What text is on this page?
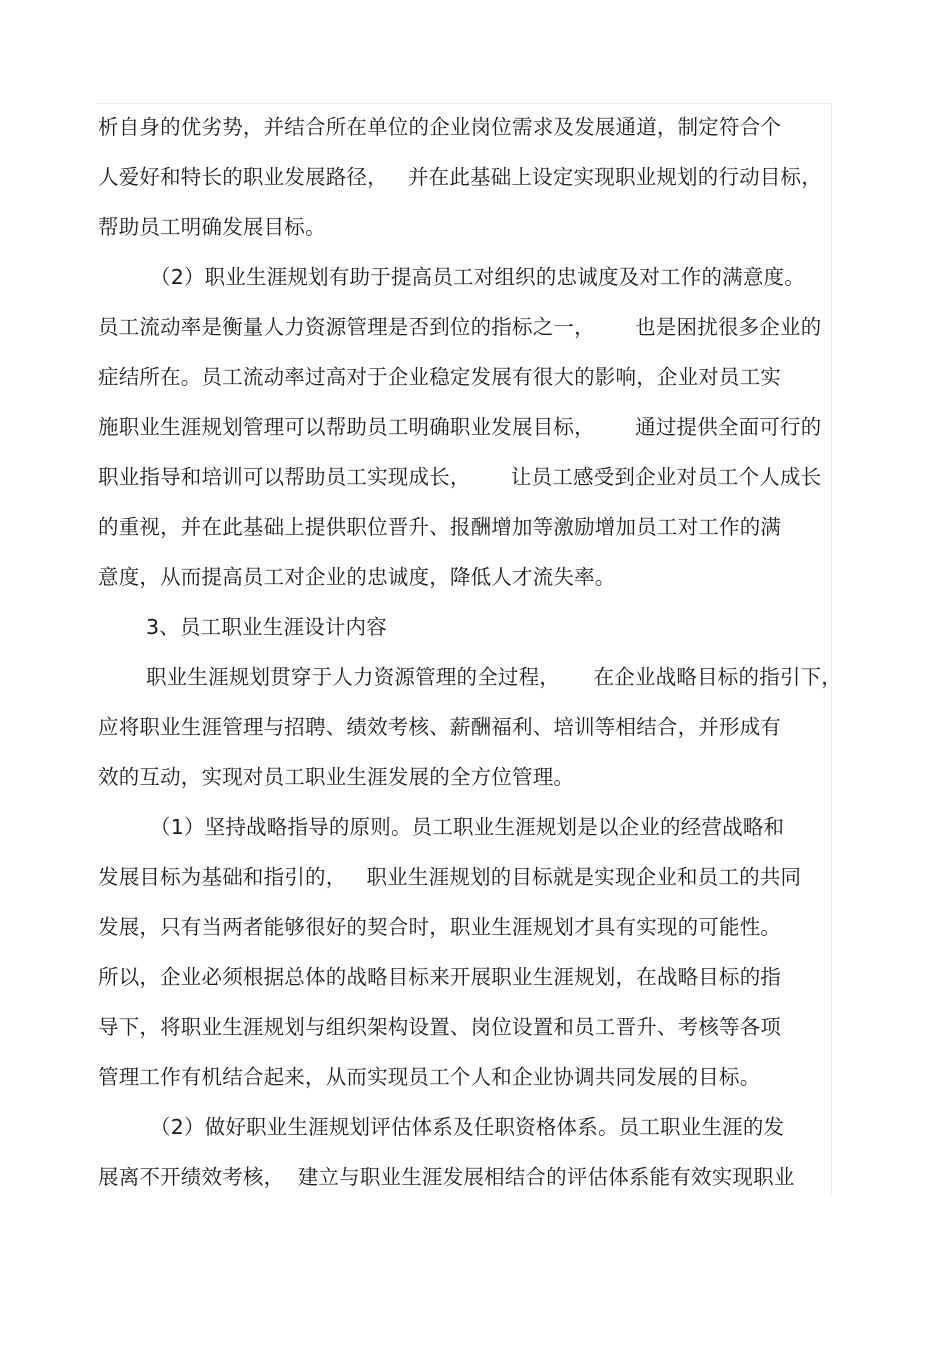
析自身的优劣势，并结合所在单位的企业岗位需求及发展通道，制定符合个
人爱好和特长的职业发展路径，   并在此基础上设定实现职业规划的行动目标，
帮助员工明确发展目标。
（2）职业生涯规划有助于提高员工对组织的忠诚度及对工作的满意度。
员工流动率是衡量人力资源管理是否到位的指标之一，      也是困扰很多企业的
症结所在。员工流动率过高对于企业稳定发展有很大的影响，企业对员工实
施职业生涯规划管理可以帮助员工明确职业发展目标，      通过提供全面可行的
职业指导和培训可以帮助员工实现成长，      让员工感受到企业对员工个人成长
的重视，并在此基础上提供职位晋升、报酬增加等激励增加员工对工作的满
意度，从而提高员工对企业的忠诚度，降低人才流失率。
3、员工职业生涯设计内容
职业生涯规划贯穿于人力资源管理的全过程，     在企业战略目标的指引下，
应将职业生涯管理与招聘、绩效考核、薪酬福利、培训等相结合，并形成有
效的互动，实现对员工职业生涯发展的全方位管理。
（1）坚持战略指导的原则。员工职业生涯规划是以企业的经营战略和
发展目标为基础和指引的，   职业生涯规划的目标就是实现企业和员工的共同
发展，只有当两者能够很好的契合时，职业生涯规划才具有实现的可能性。
所以，企业必须根据总体的战略目标来开展职业生涯规划，在战略目标的指
导下，将职业生涯规划与组织架构设置、岗位设置和员工晋升、考核等各项
管理工作有机结合起来，从而实现员工个人和企业协调共同发展的目标。
（2）做好职业生涯规划评估体系及任职资格体系。员工职业生涯的发
展离不开绩效考核，  建立与职业生涯发展相结合的评估体系能有效实现职业
